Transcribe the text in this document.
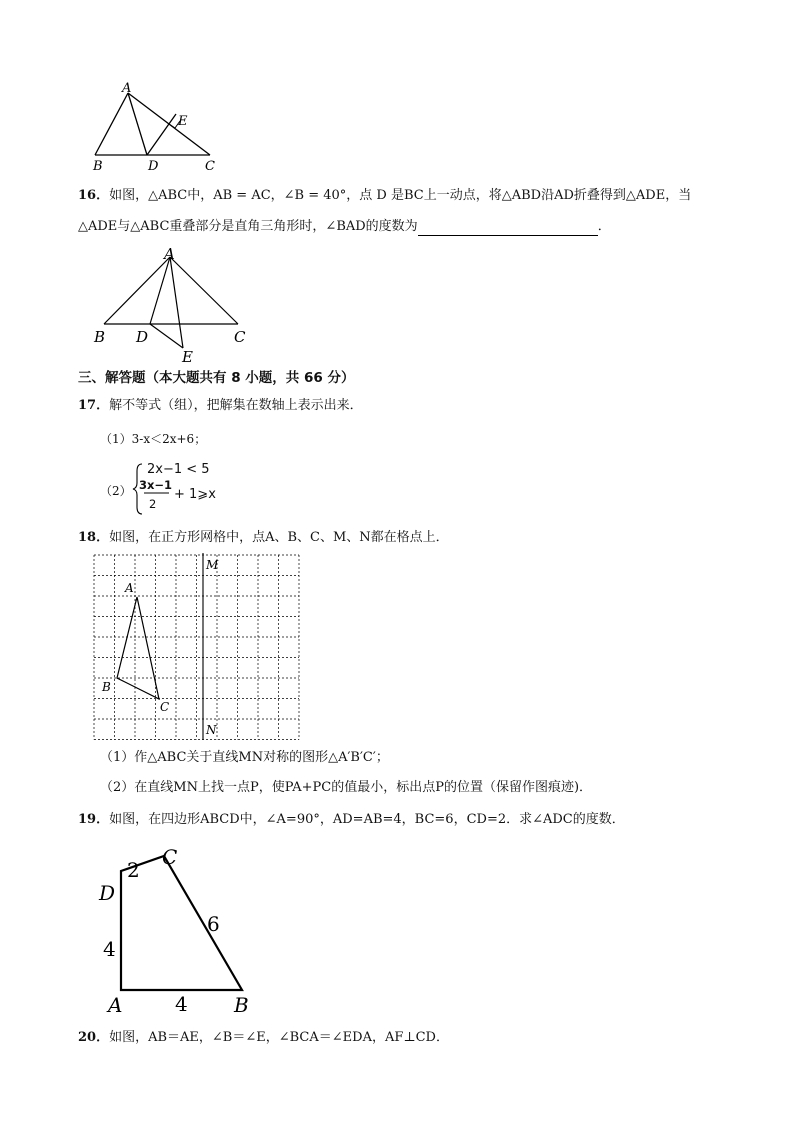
A
E
B	D	C
16．如图，△ABC中，AB = AC，∠B = 40°，点 D 是BC上一动点，将△ABD沿AD折叠得到△ADE，当
△ADE与△ABC重叠部分是直角三角形时，∠BAD的度数为	．
A
B D	C
E
三、解答题（本大题共有 8 小题，共 66 分）
17．解不等式（组），把解集在数轴上表示出来．
（1）3-x＜2x+6；
（2）
2x−1 < 5
3x−1
2
+ 1⩾x
18．如图，在正方形网格中，点A、B、C、M、N都在格点上．
M
A
B
C
N
（1）作△ABC关于直线MN对称的图形△A′B′C′；
（2）在直线MN上找一点P，使PA+PC的值最小，标出点P的位置（保留作图痕迹)．
19．如图，在四边形ABCD中，∠A=90°，AD=AB=4，BC=6，CD=2．求∠ADC的度数．
C
D
A	B
2
4
4
6
20．如图，AB＝AE，∠B＝∠E，∠BCA＝∠EDA，AF⊥CD．
